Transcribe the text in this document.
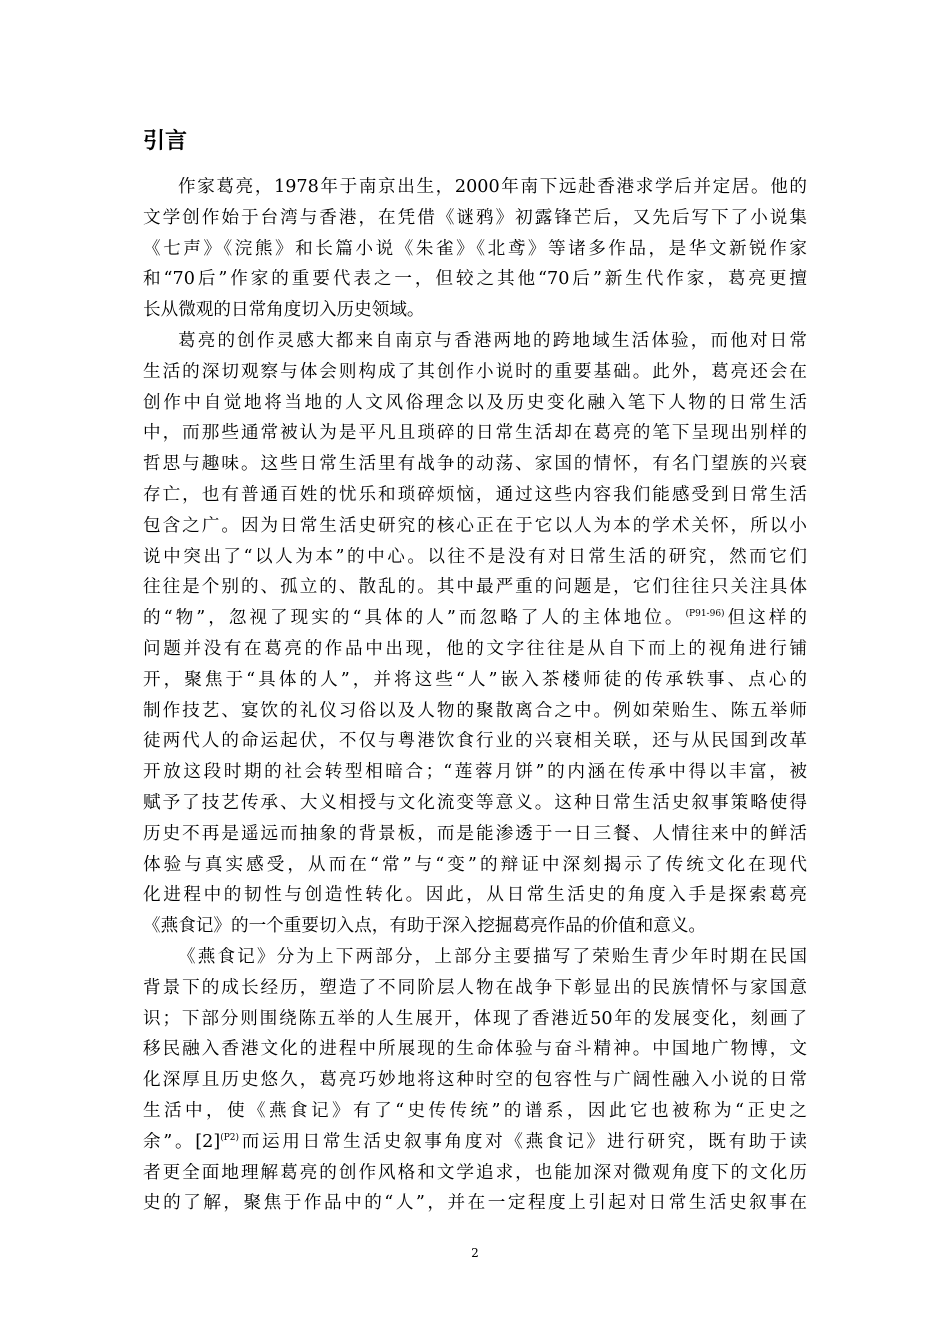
引言
作家葛亮，1978年于南京出生，2000年南下远赴香港求学后并定居。他的
文学创作始于台湾与香港，在凭借《谜鸦》初露锋芒后，又先后写下了小说集
《七声》《浣熊》和长篇小说《朱雀》《北鸢》等诸多作品，是华文新锐作家
和“70后”作家的重要代表之一，但较之其他“70后”新生代作家，葛亮更擅
长从微观的日常角度切入历史领域。
葛亮的创作灵感大都来自南京与香港两地的跨地域生活体验，而他对日常
生活的深切观察与体会则构成了其创作小说时的重要基础。此外，葛亮还会在
创作中自觉地将当地的人文风俗理念以及历史变化融入笔下人物的日常生活
中，而那些通常被认为是平凡且琐碎的日常生活却在葛亮的笔下呈现出别样的
哲思与趣味。这些日常生活里有战争的动荡、家国的情怀，有名门望族的兴衰
存亡，也有普通百姓的忧乐和琐碎烦恼，通过这些内容我们能感受到日常生活
包含之广。因为日常生活史研究的核心正在于它以人为本的学术关怀，所以小
说中突出了“以人为本”的中心。以往不是没有对日常生活的研究，然而它们
往往是个别的、孤立的、散乱的。其中最严重的问题是，它们往往只关注具体
的“物”，忽视了现实的“具体的人”而忽略了人的主体地位。$^{(P91-96)}$但这样的
问题并没有在葛亮的作品中出现，他的文字往往是从自下而上的视角进行铺
开，聚焦于“具体的人”，并将这些“人”嵌入茶楼师徒的传承轶事、点心的
制作技艺、宴饮的礼仪习俗以及人物的聚散离合之中。例如荣贻生、陈五举师
徒两代人的命运起伏，不仅与粤港饮食行业的兴衰相关联，还与从民国到改革
开放这段时期的社会转型相暗合；“莲蓉月饼”的内涵在传承中得以丰富，被
赋予了技艺传承、大义相授与文化流变等意义。这种日常生活史叙事策略使得
历史不再是遥远而抽象的背景板，而是能渗透于一日三餐、人情往来中的鲜活
体验与真实感受，从而在“常”与“变”的辩证中深刻揭示了传统文化在现代
化进程中的韧性与创造性转化。因此，从日常生活史的角度入手是探索葛亮
《燕食记》的一个重要切入点，有助于深入挖掘葛亮作品的价值和意义。
《燕食记》分为上下两部分，上部分主要描写了荣贻生青少年时期在民国
背景下的成长经历，塑造了不同阶层人物在战争下彰显出的民族情怀与家国意
识；下部分则围绕陈五举的人生展开，体现了香港近50年的发展变化，刻画了
移民融入香港文化的进程中所展现的生命体验与奋斗精神。中国地广物博，文
化深厚且历史悠久，葛亮巧妙地将这种时空的包容性与广阔性融入小说的日常
生活中，使《燕食记》有了“史传传统”的谱系，因此它也被称为“正史之
余”。[2]$^{(P2)}$而运用日常生活史叙事角度对《燕食记》进行研究，既有助于读
者更全面地理解葛亮的创作风格和文学追求，也能加深对微观角度下的文化历
史的了解，聚焦于作品中的“人”，并在一定程度上引起对日常生活史叙事在
2
